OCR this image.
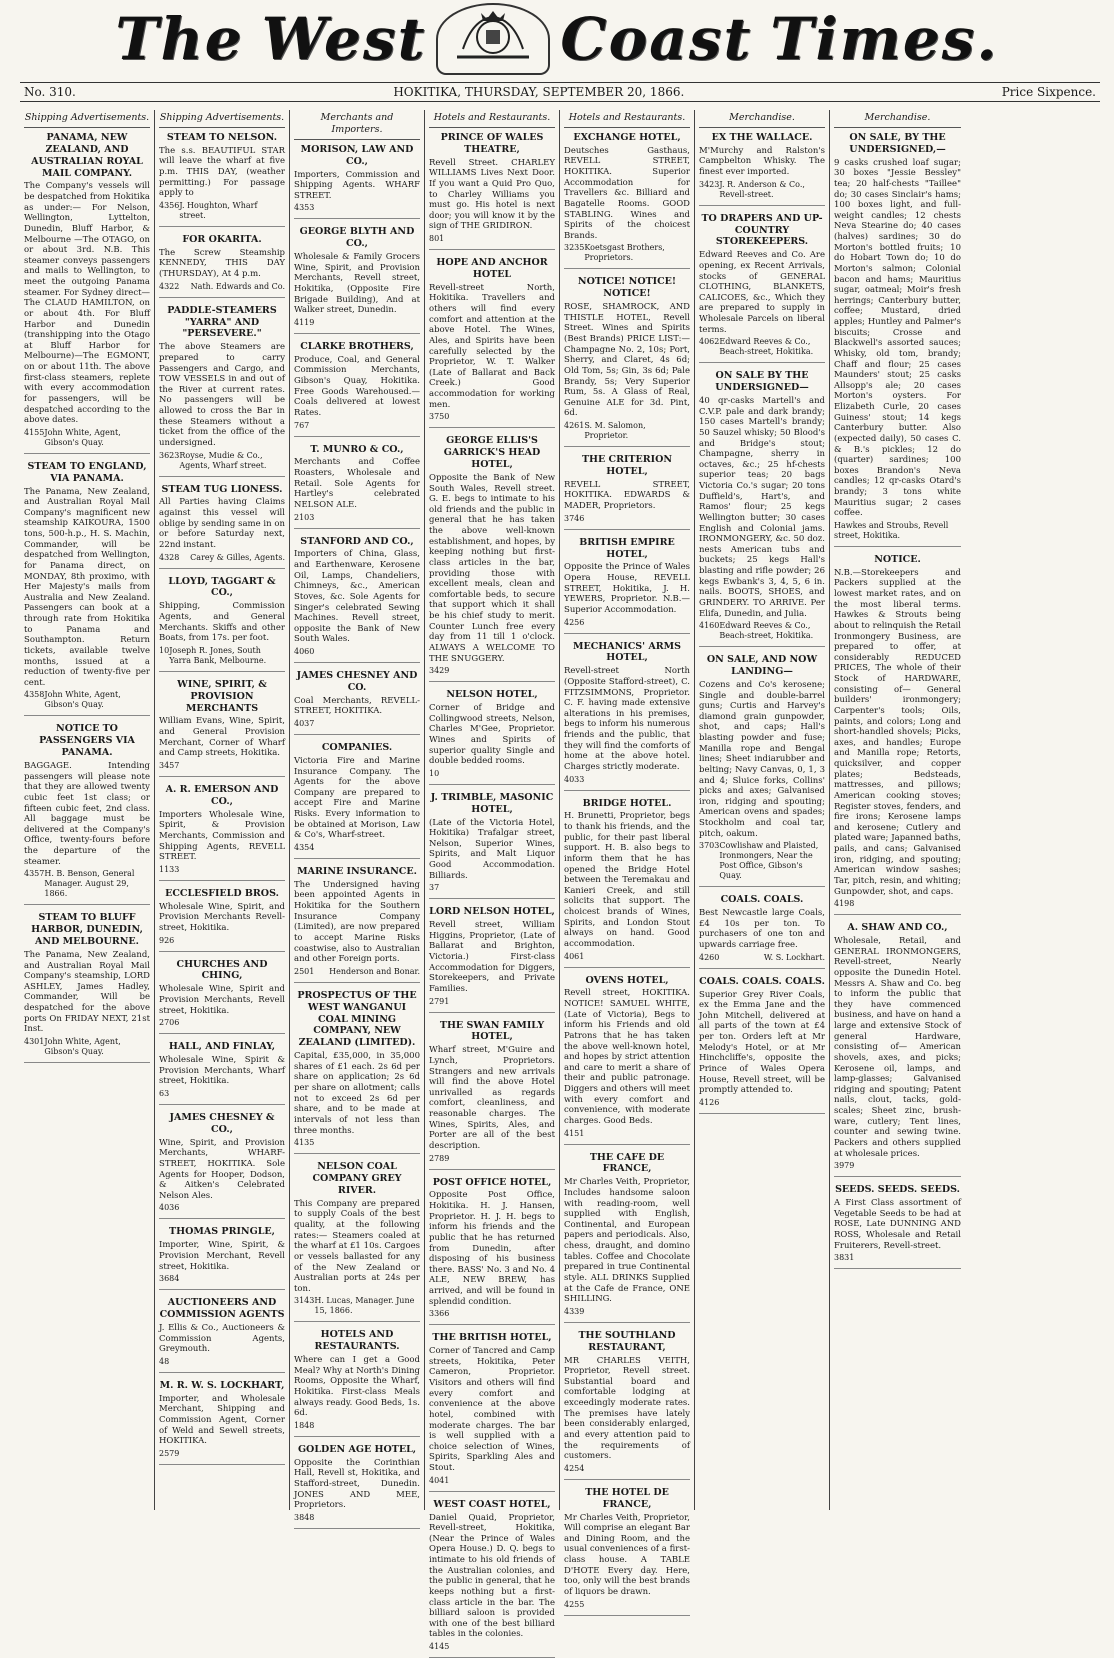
The West Coast Times.
No. 310.	HOKITIKA, THURSDAY, SEPTEMBER 20, 1866.	Price Sixpence.
Shipping Advertisements.
PANAMA, NEW ZEALAND, AND AUSTRALIAN ROYAL MAIL COMPANY.
The Company's vessels will be despatched from Hokitika as under:— For Nelson, Wellington, Lyttelton, Dunedin, Bluff Harbor, & Melbourne —The OTAGO, on or about 3rd. N.B. This steamer conveys passengers and mails to Wellington, to meet the outgoing Panama steamer. For Sydney direct—The CLAUD HAMILTON, on or about 4th. For Bluff Harbor and Dunedin (transhipping into the Otago at Bluff Harbor for Melbourne)—The EGMONT, on or about 11th. The above first-class steamers, replete with every accommodation for passengers, will be despatched according to the above dates.
4155 John White, Agent, Gibson's Quay.
STEAM TO ENGLAND, VIA PANAMA.
The Panama, New Zealand, and Australian Royal Mail Company's magnificent new steamship KAIKOURA, 1500 tons, 500-h.p., H. S. Machin, Commander, will be despatched from Wellington, for Panama direct, on MONDAY, 8th proximo, with Her Majesty's mails from Australia and New Zealand. Passengers can book at a through rate from Hokitika to Panama and Southampton. Return tickets, available twelve months, issued at a reduction of twenty-five per cent.
4358 John White, Agent, Gibson's Quay.
NOTICE TO PASSENGERS VIA PANAMA.
BAGGAGE. Intending passengers will please note that they are allowed twenty cubic feet 1st class; or fifteen cubic feet, 2nd class. All baggage must be delivered at the Company's Office, twenty-fours before the departure of the steamer.
4357 H. B. Benson, General Manager. August 29, 1866.
STEAM TO BLUFF HARBOR, DUNEDIN, AND MELBOURNE.
The Panama, New Zealand, and Australian Royal Mail Company's steamship, LORD ASHLEY, James Hadley, Commander, Will be despatched for the above ports On FRIDAY NEXT, 21st Inst.
4301 John White, Agent, Gibson's Quay.
Shipping Advertisements.
STEAM TO NELSON.
The s.s. BEAUTIFUL STAR will leave the wharf at five p.m. THIS DAY, (weather permitting.) For passage apply to
4356 J. Houghton, Wharf street.
FOR OKARITA.
The Screw Steamship KENNEDY, THIS DAY (THURSDAY), At 4 p.m.
4322 Nath. Edwards and Co.
PADDLE-STEAMERS "YARRA" AND "PERSEVERE."
The above Steamers are prepared to carry Passengers and Cargo, and TOW VESSELS in and out of the River at current rates. No passengers will be allowed to cross the Bar in these Steamers without a ticket from the office of the undersigned.
3623 Royse, Mudie & Co., Agents, Wharf street.
STEAM TUG LIONESS.
All Parties having Claims against this vessel will oblige by sending same in on or before Saturday next, 22nd instant.
4328 Carey & Gilles, Agents.
LLOYD, TAGGART & CO.,
Shipping, Commission Agents, and General Merchants. Skiffs and other Boats, from 17s. per foot.
10 Joseph R. Jones, South Yarra Bank, Melbourne.
WINE, SPIRIT, & PROVISION MERCHANTS
William Evans, Wine, Spirit, and General Provision Merchant, Corner of Wharf and Camp streets, Hokitika.
3457
A. R. EMERSON AND CO.,
Importers Wholesale Wine, Spirit, & Provision Merchants, Commission and Shipping Agents, REVELL STREET.
1133
ECCLESFIELD BROS.
Wholesale Wine, Spirit, and Provision Merchants Revell-street, Hokitika.
926
CHURCHES AND CHING,
Wholesale Wine, Spirit and Provision Merchants, Revell street, Hokitika.
2706
HALL, AND FINLAY,
Wholesale Wine, Spirit & Provision Merchants, Wharf street, Hokitika.
63
JAMES CHESNEY & CO.,
Wine, Spirit, and Provision Merchants, WHARF-STREET, HOKITIKA. Sole Agents for Hooper, Dodson, & Aitken's Celebrated Nelson Ales.
4036
THOMAS PRINGLE,
Importer, Wine, Spirit, & Provision Merchant, Revell street, Hokitika.
3684
AUCTIONEERS AND COMMISSION AGENTS
J. Ellis & Co., Auctioneers & Commission Agents, Greymouth.
48
M. R. W. S. LOCKHART,
Importer, and Wholesale Merchant, Shipping and Commission Agent, Corner of Weld and Sewell streets, HOKITIKA.
2579
Merchants and Importers.
MORISON, LAW AND CO.,
Importers, Commission and Shipping Agents. WHARF STREET.
4353
GEORGE BLYTH AND CO.,
Wholesale & Family Grocers Wine, Spirit, and Provision Merchants, Revell street, Hokitika, (Opposite Fire Brigade Building), And at Walker street, Dunedin.
4119
CLARKE BROTHERS,
Produce, Coal, and General Commission Merchants, Gibson's Quay, Hokitika. Free Goods Warehoused.—Coals delivered at lowest Rates.
767
T. MUNRO & CO.,
Merchants and Coffee Roasters, Wholesale and Retail. Sole Agents for Hartley's celebrated NELSON ALE.
2103
STANFORD AND CO.,
Importers of China, Glass, and Earthenware, Kerosene Oil, Lamps, Chandeliers, Chimneys, &c., American Stoves, &c. Sole Agents for Singer's celebrated Sewing Machines. Revell street, opposite the Bank of New South Wales.
4060
JAMES CHESNEY AND CO.
Coal Merchants, REVELL-STREET, HOKITIKA.
4037
COMPANIES.
Victoria Fire and Marine Insurance Company. The Agents for the above Company are prepared to accept Fire and Marine Risks. Every information to be obtained at Morison, Law & Co's, Wharf-street.
4354
MARINE INSURANCE.
The Undersigned having been appointed Agents in Hokitika for the Southern Insurance Company (Limited), are now prepared to accept Marine Risks coastwise, also to Australian and other Foreign ports.
2501 Henderson and Bonar.
PROSPECTUS OF THE WEST WANGANUI COAL MINING COMPANY, NEW ZEALAND (LIMITED).
Capital, £35,000, in 35,000 shares of £1 each. 2s 6d per share on application; 2s 6d per share on allotment; calls not to exceed 2s 6d per share, and to be made at intervals of not less than three months.
4135
NELSON COAL COMPANY GREY RIVER.
This Company are prepared to supply Coals of the best quality, at the following rates:— Steamers coaled at the wharf at £1 10s. Cargoes or vessels ballasted for any of the New Zealand or Australian ports at 24s per ton.
3143 H. Lucas, Manager. June 15, 1866.
HOTELS AND RESTAURANTS.
Where can I get a Good Meal? Why at North's Dining Rooms, Opposite the Wharf, Hokitika. First-class Meals always ready. Good Beds, 1s. 6d.
1848
GOLDEN AGE HOTEL,
Opposite the Corinthian Hall, Revell st, Hokitika, and Stafford-street, Dunedin. JONES AND MEE, Proprietors.
3848
Hotels and Restaurants.
PRINCE OF WALES THEATRE,
Revell Street. CHARLEY WILLIAMS Lives Next Door. If you want a Quid Pro Quo, to Charley Williams you must go. His hotel is next door; you will know it by the sign of THE GRIDIRON.
801
HOPE AND ANCHOR HOTEL
Revell-street North, Hokitika. Travellers and others will find every comfort and attention at the above Hotel. The Wines, Ales, and Spirits have been carefully selected by the Proprietor, W. T. Walker (Late of Ballarat and Back Creek.) Good accommodation for working men.
3750
GEORGE ELLIS'S GARRICK'S HEAD HOTEL,
Opposite the Bank of New South Wales, Revell street. G. E. begs to intimate to his old friends and the public in general that he has taken the above well-known establishment, and hopes, by keeping nothing but first-class articles in the bar, providing those with excellent meals, clean and comfortable beds, to secure that support which it shall be his chief study to merit. Counter Lunch free every day from 11 till 1 o'clock. ALWAYS A WELCOME TO THE SNUGGERY.
3429
NELSON HOTEL,
Corner of Bridge and Collingwood streets, Nelson, Charles M'Gee, Proprietor. Wines and Spirits of superior quality Single and double bedded rooms.
10
J. TRIMBLE, MASONIC HOTEL,
(Late of the Victoria Hotel, Hokitika) Trafalgar street, Nelson, Superior Wines, Spirits, and Malt Liquor Good Accommodation. Billiards.
37
LORD NELSON HOTEL,
Revell street, William Higgins, Proprietor, (Late of Ballarat and Brighton, Victoria.) First-class Accommodation for Diggers, Storekeepers, and Private Families.
2791
THE SWAN FAMILY HOTEL,
Wharf street, M'Guire and Lynch, Proprietors. Strangers and new arrivals will find the above Hotel unrivalled as regards comfort, cleanliness, and reasonable charges. The Wines, Spirits, Ales, and Porter are all of the best description.
2789
POST OFFICE HOTEL,
Opposite Post Office, Hokitika. H. J. Hansen, Proprietor. H. J. H. begs to inform his friends and the public that he has returned from Dunedin, after disposing of his business there. BASS' No. 3 and No. 4 ALE, NEW BREW, has arrived, and will be found in splendid condition.
3366
THE BRITISH HOTEL,
Corner of Tancred and Camp streets, Hokitika, Peter Cameron, Proprietor. Visitors and others will find every comfort and convenience at the above hotel, combined with moderate charges. The bar is well supplied with a choice selection of Wines, Spirits, Sparkling Ales and Stout.
4041
WEST COAST HOTEL,
Daniel Quaid, Proprietor, Revell-street, Hokitika, (Near the Prince of Wales Opera House.) D. Q. begs to intimate to his old friends of the Australian colonies, and the public in general, that he keeps nothing but a first-class article in the bar. The billiard saloon is provided with one of the best billiard tables in the colonies.
4145
Hotels and Restaurants.
EXCHANGE HOTEL,
Deutsches Gasthaus, REVELL STREET, HOKITIKA. Superior Accommodation for Travellers &c. Billiard and Bagatelle Rooms. GOOD STABLING. Wines and Spirits of the choicest Brands.
3235 Koetsgast Brothers, Proprietors.
NOTICE! NOTICE! NOTICE!
ROSE, SHAMROCK, AND THISTLE HOTEL, Revell Street. Wines and Spirits (Best Brands) PRICE LIST:— Champagne No. 2, 10s; Port, Sherry, and Claret, 4s 6d; Old Tom, 5s; Gin, 3s 6d; Pale Brandy, 5s; Very Superior Rum, 5s. A Glass of Real, Genuine ALE for 3d. Pint, 6d.
4261 S. M. Salomon, Proprietor.
THE CRITERION HOTEL,
REVELL STREET, HOKITIKA. EDWARDS & MADER, Proprietors.
3746
BRITISH EMPIRE HOTEL,
Opposite the Prince of Wales Opera House, REVELL STREET, Hokitika, J. H. YEWERS, Proprietor. N.B.—Superior Accommodation.
4256
MECHANICS' ARMS HOTEL,
Revell-street North (Opposite Stafford-street), C. FITZSIMMONS, Proprietor. C. F. having made extensive alterations in his premises, begs to inform his numerous friends and the public, that they will find the comforts of home at the above hotel. Charges strictly moderate.
4033
BRIDGE HOTEL.
H. Brunetti, Proprietor, begs to thank his friends, and the public, for their past liberal support. H. B. also begs to inform them that he has opened the Bridge Hotel between the Teremakau and Kanieri Creek, and still solicits that support. The choicest brands of Wines, Spirits, and London Stout always on hand. Good accommodation.
4061
OVENS HOTEL,
Revell street, HOKITIKA. NOTICE! SAMUEL WHITE, (Late of Victoria), Begs to inform his Friends and old Patrons that he has taken the above well-known hotel, and hopes by strict attention and care to merit a share of their and public patronage. Diggers and others will meet with every comfort and convenience, with moderate charges. Good Beds.
4151
THE CAFE DE FRANCE,
Mr Charles Veith, Proprietor, Includes handsome saloon with reading-room, well supplied with English, Continental, and European papers and periodicals. Also, chess, draught, and domino tables. Coffee and Chocolate prepared in true Continental style. ALL DRINKS Supplied at the Cafe de France, ONE SHILLING.
4339
THE SOUTHLAND RESTAURANT,
MR CHARLES VEITH, Proprietor, Revell street. Substantial board and comfortable lodging at exceedingly moderate rates. The premises have lately been considerably enlarged, and every attention paid to the requirements of customers.
4254
THE HOTEL DE FRANCE,
Mr Charles Veith, Proprietor, Will comprise an elegant Bar and Dining Room, and the usual conveniences of a first-class house. A TABLE D'HOTE Every day. Here, too, only will the best brands of liquors be drawn.
4255
Merchandise.
EX THE WALLACE.
M'Murchy and Ralston's Campbelton Whisky. The finest ever imported.
3423 J. R. Anderson & Co., Revell-street.
TO DRAPERS AND UP-COUNTRY STOREKEEPERS.
Edward Reeves and Co. Are opening, ex Recent Arrivals, stocks of GENERAL CLOTHING, BLANKETS, CALICOES, &c., Which they are prepared to supply in Wholesale Parcels on liberal terms.
4062 Edward Reeves & Co., Beach-street, Hokitika.
ON SALE BY THE UNDERSIGNED—
40 qr-casks Martell's and C.V.P. pale and dark brandy; 150 cases Martell's brandy; 50 Sauzel whisky; 50 Blood's and Bridge's stout; Champagne, sherry in octaves, &c.; 25 hf-chests superior teas; 20 bags Victoria Co.'s sugar; 20 tons Duffield's, Hart's, and Ramos' flour; 25 kegs Wellington butter; 30 cases English and Colonial jams. IRONMONGERY, &c. 50 doz. nests American tubs and buckets; 25 kegs Hall's blasting and rifle powder; 26 kegs Ewbank's 3, 4, 5, 6 in. nails. BOOTS, SHOES, and GRINDERY. TO ARRIVE. Per Elifa, Dunedin, and Julia.
4160 Edward Reeves & Co., Beach-street, Hokitika.
ON SALE, AND NOW LANDING—
Cozens and Co's kerosene; Single and double-barrel guns; Curtis and Harvey's diamond grain gunpowder, shot, and caps; Hall's blasting powder and fuse; Manilla rope and Bengal lines; Sheet indiarubber and belting; Navy Canvas, 0, 1, 3 and 4; Sluice forks, Collins' picks and axes; Galvanised iron, ridging and spouting; American ovens and spades; Stockholm and coal tar, pitch, oakum.
3703 Cowlishaw and Plaisted, Ironmongers, Near the Post Office, Gibson's Quay.
COALS. COALS.
Best Newcastle large Coals, £4 10s per ton. To purchasers of one ton and upwards carriage free.
4260	W. S. Lockhart.
COALS. COALS. COALS.
Superior Grey River Coals, ex the Emma Jane and the John Mitchell, delivered at all parts of the town at £4 per ton. Orders left at Mr Melody's Hotel, or at Mr Hinchcliffe's, opposite the Prince of Wales Opera House, Revell street, will be promptly attended to.
4126
Merchandise.
ON SALE, BY THE UNDERSIGNED,—
9 casks crushed loaf sugar; 30 boxes "Jessie Bessley" tea; 20 half-chests "Taillee" do; 30 cases Sinclair's hams; 100 boxes light, and full-weight candles; 12 chests Neva Stearine do; 40 cases (halves) sardines; 30 do Morton's bottled fruits; 10 do Hobart Town do; 10 do Morton's salmon; Colonial bacon and hams; Mauritius sugar, oatmeal; Moir's fresh herrings; Canterbury butter, coffee; Mustard, dried apples; Huntley and Palmer's biscuits; Crosse and Blackwell's assorted sauces; Whisky, old tom, brandy; Chaff and flour; 25 cases Maunders' stout; 25 casks Allsopp's ale; 20 cases Morton's oysters. For Elizabeth Curle, 20 cases Guiness' stout; 14 kegs Canterbury butter. Also (expected daily), 50 cases C. & B.'s pickles; 12 do (quarter) sardines; 100 boxes Brandon's Neva candles; 12 qr-casks Otard's brandy; 3 tons white Mauritius sugar; 2 cases coffee.
Hawkes and Stroubs, Revell street, Hokitika.
NOTICE.
N.B.—Storekeepers and Packers supplied at the lowest market rates, and on the most liberal terms. Hawkes & Strouts being about to relinquish the Retail Ironmongery Business, are prepared to offer, at considerably REDUCED PRICES, The whole of their Stock of HARDWARE, consisting of— General builders' ironmongery; Carpenter's tools; Oils, paints, and colors; Long and short-handled shovels; Picks, axes, and handles; Europe and Manilla rope; Retorts, quicksilver, and copper plates; Bedsteads, mattresses, and pillows; American cooking stoves; Register stoves, fenders, and fire irons; Kerosene lamps and kerosene; Cutlery and plated ware; Japanned baths, pails, and cans; Galvanised iron, ridging, and spouting; American window sashes; Tar, pitch, resin, and whiting; Gunpowder, shot, and caps.
4198
A. SHAW AND CO.,
Wholesale, Retail, and GENERAL IRONMONGERS, Revell-street, Nearly opposite the Dunedin Hotel. Messrs A. Shaw and Co. beg to inform the public that they have commenced business, and have on hand a large and extensive Stock of general Hardware, consisting of— American shovels, axes, and picks; Kerosene oil, lamps, and lamp-glasses; Galvanised ridging and spouting; Patent nails, clout, tacks, gold-scales; Sheet zinc, brush-ware, cutlery; Tent lines, counter and sewing twine. Packers and others supplied at wholesale prices.
3979
SEEDS. SEEDS. SEEDS.
A First Class assortment of Vegetable Seeds to be had at ROSE, Late DUNNING AND ROSS, Wholesale and Retail Fruiterers, Revell-street.
3831
